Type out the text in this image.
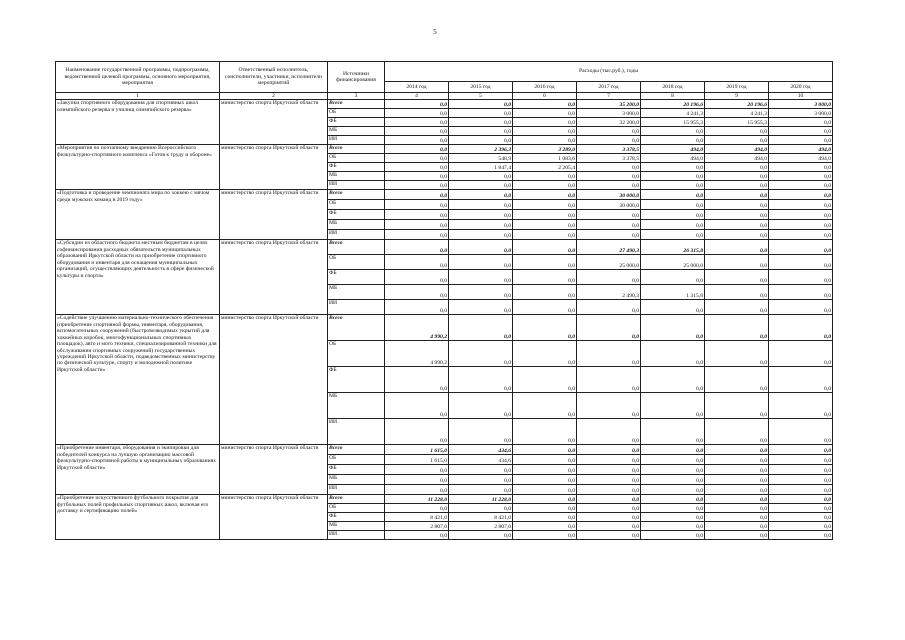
5
Наименование государственной программы, подпрограммы, ведомственной целевой программы, основного мероприятия, мероприятия	Ответственный исполнитель, соисполнители, участники, исполнители мероприятий	Источники финансирования	Расходы (тыс.руб.), годы						
			2014 год	2015 год	2016 год	2017 год	2018 год	2019 год	2020 год
1	2	3	4	5	6	7	8	9	10
«Закупки спортивного оборудования для спортивных школ олимпийского резерва и училищ олимпийского резерва»	министерство спорта Иркутской области	Всего	0,0	0,0	0,0	35 200,0	20 196,6	20 196,6	3 000,0
		ОБ	0,0	0,0	0,0	3 000,0	4 241,3	4 241,3	3 000,0
		ФБ	0,0	0,0	0,0	32 200,0	15 955,3	15 955,3	0,0
		МБ	0,0	0,0	0,0	0,0	0,0	0,0	0,0
		ИИ	0,0	0,0	0,0	0,0	0,0	0,0	0,0
«Мероприятия по поэтапному внедрению Всероссийского физкультурно-спортивного комплекса «Готов к труду и обороне»	министерство спорта Иркутской области	Всего	0,0	2 396,3	3 289,0	3 378,5	494,0	494,0	494,0
		ОБ	0,0	548,9	1 083,6	3 378,5	494,0	494,0	494,0
		ФБ	0,0	1 847,4	2 205,4	0,0	0,0	0,0	0,0
		МБ	0,0	0,0	0,0	0,0	0,0	0,0	0,0
		ИИ	0,0	0,0	0,0	0,0	0,0	0,0	0,0
«Подготовка и проведение чемпионата мира по хоккею с мячом среди мужских команд в 2019 году»	министерство спорта Иркутской области	Всего	0,0	0,0	0,0	30 000,0	0,0	0,0	0,0
		ОБ	0,0	0,0	0,0	30 000,0	0,0	0,0	0,0
		ФБ	0,0	0,0	0,0	0,0	0,0	0,0	0,0
		МБ	0,0	0,0	0,0	0,0	0,0	0,0	0,0
		ИИ	0,0	0,0	0,0	0,0	0,0	0,0	0,0
«Субсидии из областного бюджета местным бюджетам в целях софинансирования расходных обязательств муниципальных образований Иркутской области на приобретение спортивного оборудования и инвентаря для оснащения муниципальных организаций, осуществляющих деятельность в сфере физической культуры и спорта»	министерство спорта Иркутской области	Всего	0,0	0,0	0,0	27 490,3	26 315,8	0,0	0,0
		ОБ	0,0	0,0	0,0	25 000,0	25 000,0	0,0	0,0
		ФБ	0,0	0,0	0,0	0,0	0,0	0,0	0,0
		МБ	0,0	0,0	0,0	2 490,3	1 315,8	0,0	0,0
		ИИ	0,0	0,0	0,0	0,0	0,0	0,0	0,0
«Содействие улучшению материально-технического обеспечения (приобретение спортивной формы, инвентаря, оборудования, вспомогательных сооружений (быстровозводимых укрытий для хоккейных коробок, многофункциональных спортивных площадок), авто и мото техники, специализированной техники для обслуживания спортивных сооружений) государственных учреждений Иркутской области, подведомственных министерству по физической культуре, спорту и молодежной политике Иркутской области»	министерство спорта Иркутской области	Всего	4 990,2	0,0	0,0	0,0	0,0	0,0	0,0
		ОБ	4 990,2	0,0	0,0	0,0	0,0	0,0	0,0
		ФБ	0,0	0,0	0,0	0,0	0,0	0,0	0,0
		МБ	0,0	0,0	0,0	0,0	0,0	0,0	0,0
		ИИ	0,0	0,0	0,0	0,0	0,0	0,0	0,0
«Приобретение инвентаря, оборудования и экипировки для победителей конкурса на лучшую организацию массовой физкультурно-спортивной работы в муниципальных образованиях Иркутской области»	министерство спорта Иркутской области	Всего	1 615,0	434,6	0,0	0,0	0,0	0,0	0,0
		ОБ	1 615,0	434,6	0,0	0,0	0,0	0,0	0,0
		ФБ	0,0	0,0	0,0	0,0	0,0	0,0	0,0
		МБ	0,0	0,0	0,0	0,0	0,0	0,0	0,0
		ИИ	0,0	0,0	0,0	0,0	0,0	0,0	0,0
«Приобретение искусственного футбольного покрытия для футбольных полей профильных спортивных школ, включая его доставку и сертификацию полей»	министерство спорта Иркутской области	Всего	11 228,0	11 228,0	0,0	0,0	0,0	0,0	0,0
		ОБ	0,0	0,0	0,0	0,0	0,0	0,0	0,0
		ФБ	8 421,0	8 421,0	0,0	0,0	0,0	0,0	0,0
		МБ	2 807,0	2 807,0	0,0	0,0	0,0	0,0	0,0
		ИИ	0,0	0,0	0,0	0,0	0,0	0,0	0,0
